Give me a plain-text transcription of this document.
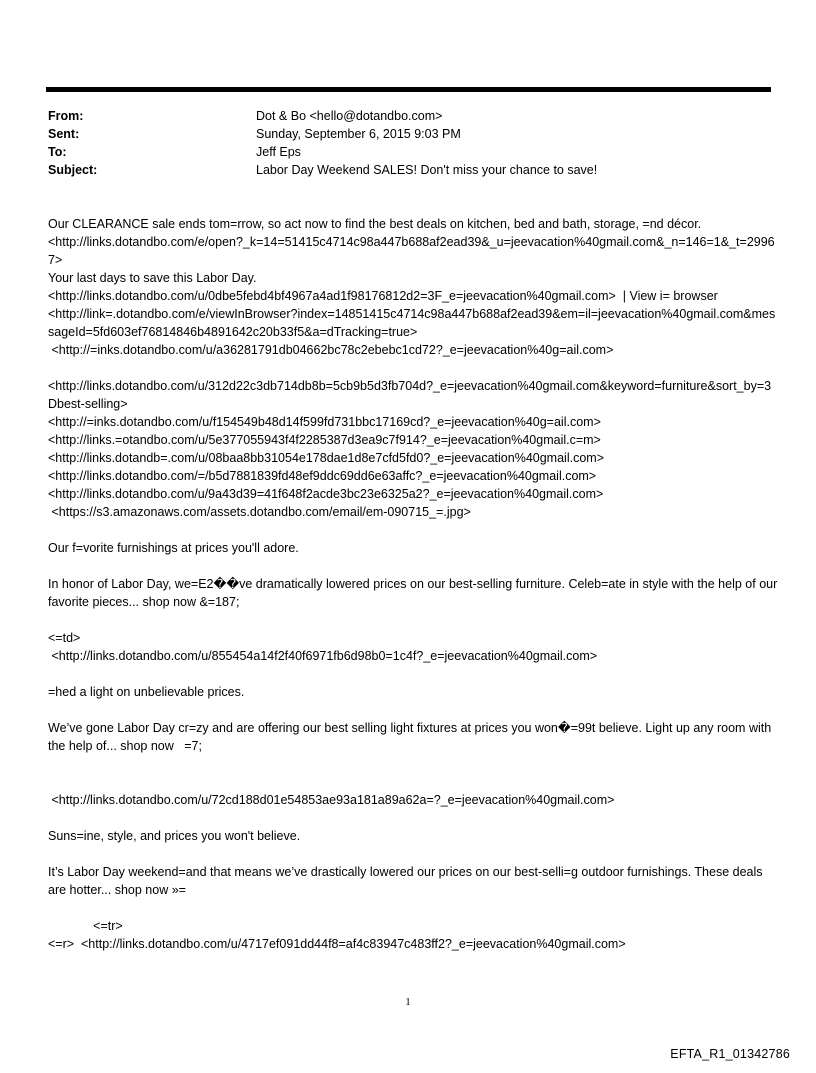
From:	Dot & Bo <hello@dotandbo.com>
Sent:	Sunday, September 6, 2015 9:03 PM
To:	Jeff Eps
Subject:	Labor Day Weekend SALES! Don't miss your chance to save!

Our CLEARANCE sale ends tom=rrow, so act now to find the best deals on kitchen, bed and bath, storage, =nd décor.

<http://links.dotandbo.com/e/open?_k=14=51415c4714c98a447b688af2ead39&_u=jeevacation%40gmail.com&_n=146=1&_t=29967>

Your last days to save this Labor Day.

<http://links.dotandbo.com/u/0dbe5febd4bf4967a4ad1f98176812d2=3F_e=jeevacation%40gmail.com>  | View i= browser

<http://link=.dotandbo.com/e/viewInBrowser?index=14851415c4714c98a447b688af2ead39&em=il=jeevacation%40gmail.com&messageId=5fd603ef76814846b4891642c20b33f5&a=dTracking=true>

<http://=inks.dotandbo.com/u/a36281791db04662bc78c2ebebc1cd72?_e=jeevacation%40g=ail.com>

<http://links.dotandbo.com/u/312d22c3db714db8b=5cb9b5d3fb704d?_e=jeevacation%40gmail.com&keyword=furniture&sort_by=3Dbest-selling>

<http://=inks.dotandbo.com/u/f154549b48d14f599fd731bbc17169cd?_e=jeevacation%40g=ail.com>

<http://links.=otandbo.com/u/5e377055943f4f2285387d3ea9c7f914?_e=jeevacation%40gmail.c=m>

<http://links.dotandb=.com/u/08baa8bb31054e178dae1d8e7cfd5fd0?_e=jeevacation%40gmail.com>

<http://links.dotandbo.com/=/b5d7881839fd48ef9ddc69dd6e63affc?_e=jeevacation%40gmail.com>

<http://links.dotandbo.com/u/9a43d39=41f648f2acde3bc23e6325a2?_e=jeevacation%40gmail.com>

<https://s3.amazonaws.com/assets.dotandbo.com/email/em-090715_=.jpg>

Our f=vorite furnishings at prices you'll adore.

In honor of Labor Day, we=E2��ve dramatically lowered prices on our best-selling furniture. Celeb=ate in style with the help of our favorite pieces... shop now &=187;

<=td>

<http://links.dotandbo.com/u/855454a14f2f40f6971fb6d98b0=1c4f?_e=jeevacation%40gmail.com>

=hed a light on unbelievable prices.

We’ve gone Labor Day cr=zy and are offering our best selling light fixtures at prices you won�=99t believe. Light up any room with the help of... shop now   =7;

<http://links.dotandbo.com/u/72cd188d01e54853ae93a181a89a62a=?_e=jeevacation%40gmail.com>

Suns=ine, style, and prices you won't believe.

It’s Labor Day weekend=and that means we’ve drastically lowered our prices on our best-selli=g outdoor furnishings. These deals are hotter... shop now »=

<=tr>

<=r>  <http://links.dotandbo.com/u/4717ef091dd44f8=af4c83947c483ff2?_e=jeevacation%40gmail.com>

1
EFTA_R1_01342786
